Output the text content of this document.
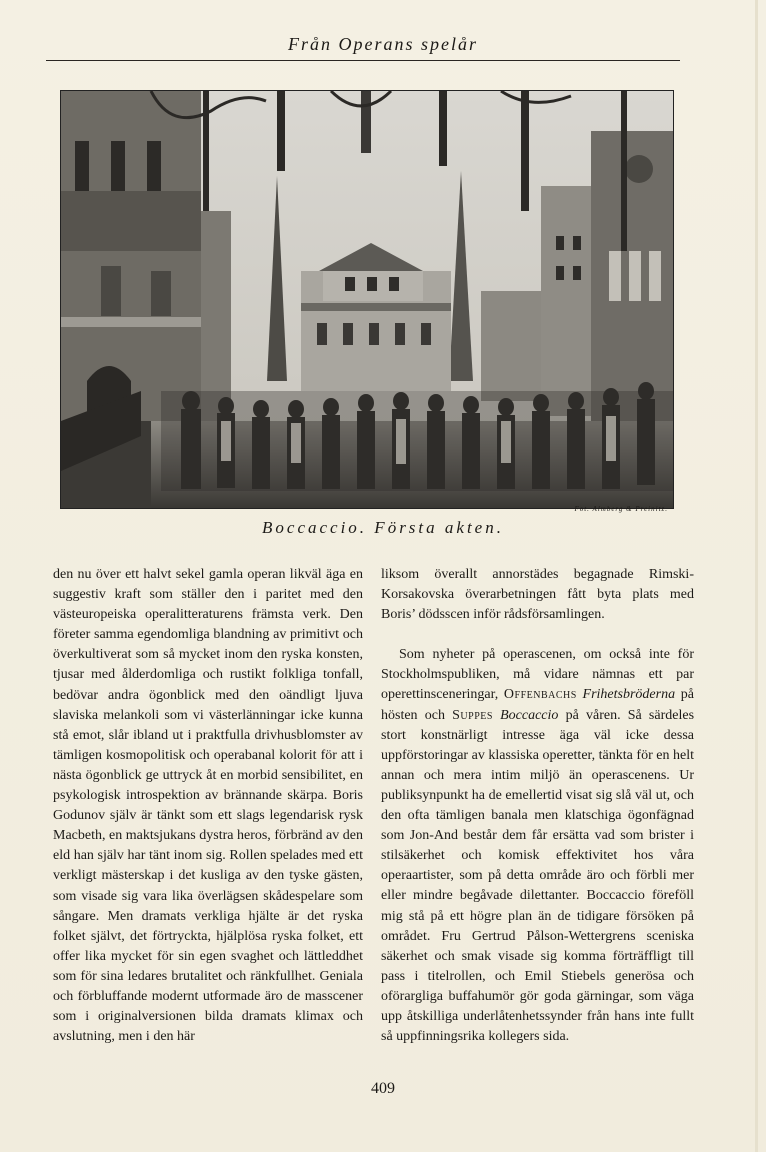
Från Operans spelår
Fot. Almberg & Preinitz.
Boccaccio. Första akten.

den nu över ett halvt sekel gamla operan likväl äga en suggestiv kraft som ställer den i paritet med den västeuropeiska operalitteraturens främsta verk. Den företer samma egendomliga blandning av primitivt och överkultiverat som så mycket inom den ryska konsten, tjusar med ålderdomliga och rustikt folkliga tonfall, bedövar andra ögonblick med den oändligt ljuva slaviska melankoli som vi västerlänningar icke kunna stå emot, slår ibland ut i praktfulla drivhusblomster av tämligen kosmopolitisk och operabanal kolorit för att i nästa ögonblick ge uttryck åt en morbid sensibilitet, en psykologisk introspektion av brännande skärpa. Boris Godunov själv är tänkt som ett slags legendarisk rysk Macbeth, en maktsjukans dystra heros, förbränd av den eld han själv har tänt inom sig. Rollen spelades med ett verkligt mästerskap i det kusliga av den tyske gästen, som visade sig vara lika överlägsen skådespelare som sångare. Men dramats verkliga hjälte är det ryska folket självt, det förtryckta, hjälplösa ryska folket, ett offer lika mycket för sin egen svaghet och lättleddhet som för sina ledares brutalitet och ränkfullhet. Geniala och förbluffande modernt utformade äro de masscener som i originalversionen bilda dramats klimax och avslutning, men i den här

liksom överallt annorstädes begagnade Rimski-Korsakovska överarbetningen fått byta plats med Boris’ dödsscen inför rådsförsamlingen.

Som nyheter på operascenen, om också inte för Stockholmspubliken, må vidare nämnas ett par operettinsceneringar, Offenbachs Frihetsbröderna på hösten och Suppes Boccaccio på våren. Så särdeles stort konstnärligt intresse äga väl icke dessa uppförstoringar av klassiska operetter, tänkta för en helt annan och mera intim miljö än operascenens. Ur publiksynpunkt ha de emellertid visat sig slå väl ut, och den ofta tämligen banala men klatschiga ögonfägnad som Jon-And består dem får ersätta vad som brister i stilsäkerhet och komisk effektivitet hos våra operaartister, som på detta område äro och förbli mer eller mindre begåvade dilettanter. Boccaccio föreföll mig stå på ett högre plan än de tidigare försöken på området. Fru Gertrud Pålson-Wettergrens sceniska säkerhet och smak visade sig komma förträffligt till pass i titelrollen, och Emil Stiebels generösa och oförargliga buffahumör gör goda gärningar, som väga upp åtskilliga underlåtenhetssynder från hans inte fullt så uppfinningsrika kollegers sida.

409
